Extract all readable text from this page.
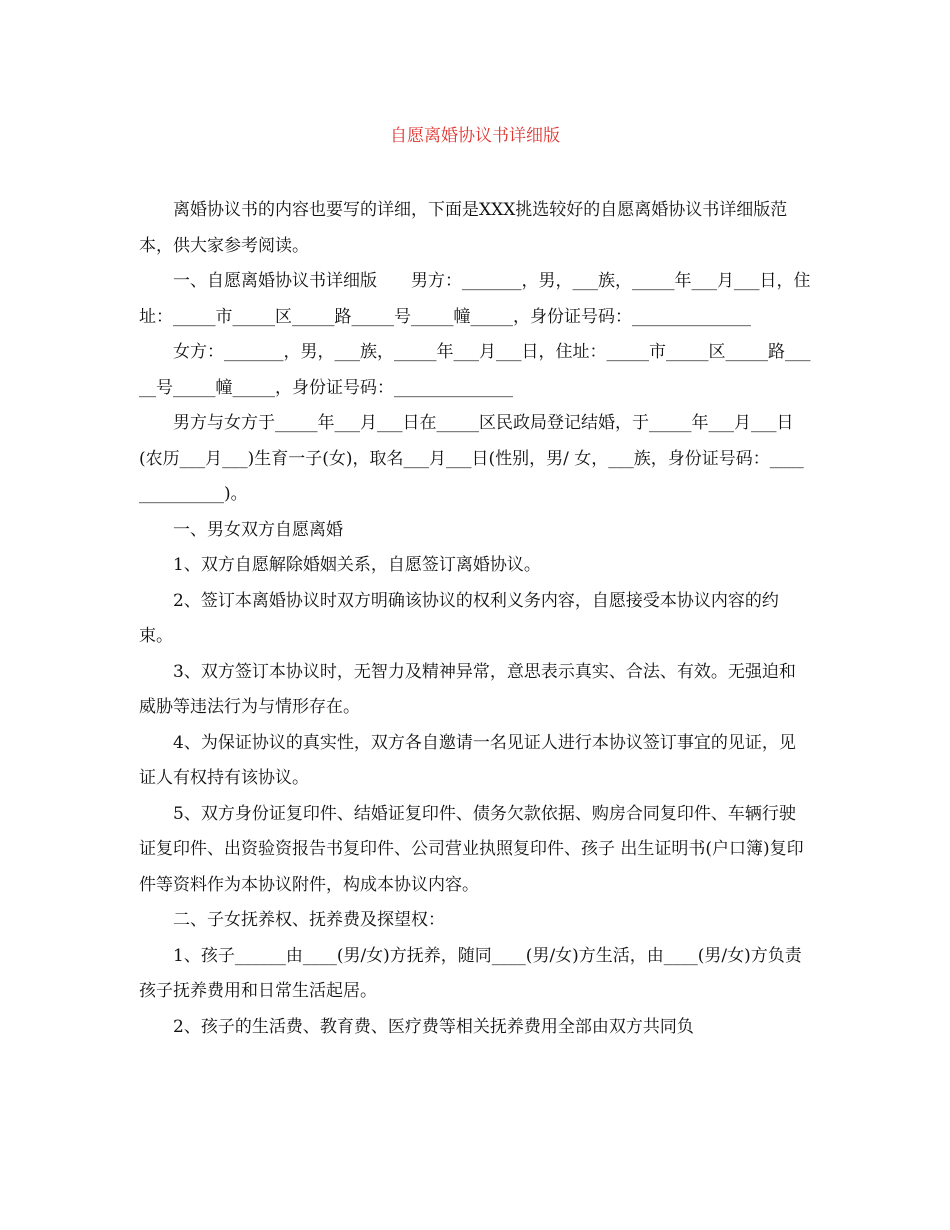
自愿离婚协议书详细版

离婚协议书的内容也要写的详细，下面是XXX挑选较好的自愿离婚协议书详细版范本，供大家参考阅读。

一、自愿离婚协议书详细版　　男方：_______，男，___族，_____年___月___日，住址：_____市_____区_____路_____号_____幢_____，身份证号码：______________

女方：_______，男，___族，_____年___月___日，住址：_____市_____区_____路_____号_____幢_____，身份证号码：______________

男方与女方于_____年___月___日在_____区民政局登记结婚，于_____年___月___日(农历___月___)生育一子(女)，取名___月___日(性别，男/ 女，___族，身份证号码：______________)。

一、男女双方自愿离婚

1、双方自愿解除婚姻关系，自愿签订离婚协议。

2、签订本离婚协议时双方明确该协议的权利义务内容，自愿接受本协议内容的约束。

3、双方签订本协议时，无智力及精神异常，意思表示真实、合法、有效。无强迫和威胁等违法行为与情形存在。

4、为保证协议的真实性，双方各自邀请一名见证人进行本协议签订事宜的见证，见证人有权持有该协议。

5、双方身份证复印件、结婚证复印件、债务欠款依据、购房合同复印件、车辆行驶证复印件、出资验资报告书复印件、公司营业执照复印件、孩子 出生证明书(户口簿)复印件等资料作为本协议附件，构成本协议内容。

二、子女抚养权、抚养费及探望权：

1、孩子______由____(男/女)方抚养，随同____(男/女)方生活，由____(男/女)方负责孩子抚养费用和日常生活起居。

2、孩子的生活费、教育费、医疗费等相关抚养费用全部由双方共同负
